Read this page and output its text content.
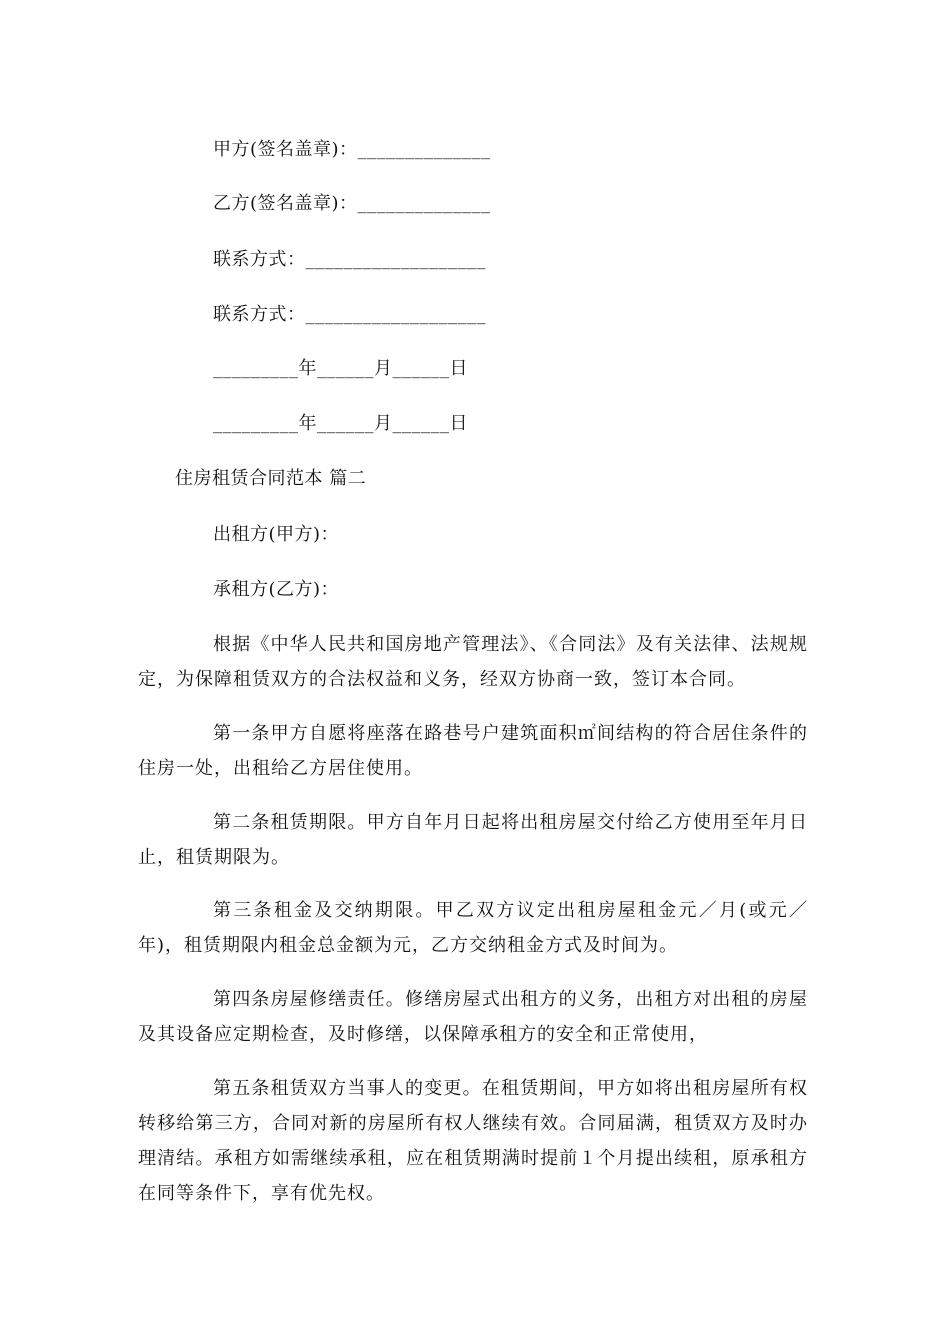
甲方(签名盖章)：______________
乙方(签名盖章)：______________
联系方式：___________________
联系方式：___________________
_________年______月______日
_________年______月______日
住房租赁合同范本 篇二
出租方(甲方)：
承租方(乙方)：
根据《中华人民共和国房地产管理法》、《合同法》及有关法律、法规规定，为保障租赁双方的合法权益和义务，经双方协商一致，签订本合同。
第一条甲方自愿将座落在路巷号户建筑面积㎡间结构的符合居住条件的住房一处，出租给乙方居住使用。
第二条租赁期限。甲方自年月日起将出租房屋交付给乙方使用至年月日止，租赁期限为。
第三条租金及交纳期限。甲乙双方议定出租房屋租金元／月(或元／年)，租赁期限内租金总金额为元，乙方交纳租金方式及时间为。
第四条房屋修缮责任。修缮房屋式出租方的义务，出租方对出租的房屋及其设备应定期检查，及时修缮，以保障承租方的安全和正常使用，
第五条租赁双方当事人的变更。在租赁期间，甲方如将出租房屋所有权转移给第三方，合同对新的房屋所有权人继续有效。合同届满，租赁双方及时办理清结。承租方如需继续承租，应在租赁期满时提前１个月提出续租，原承租方在同等条件下，享有优先权。
